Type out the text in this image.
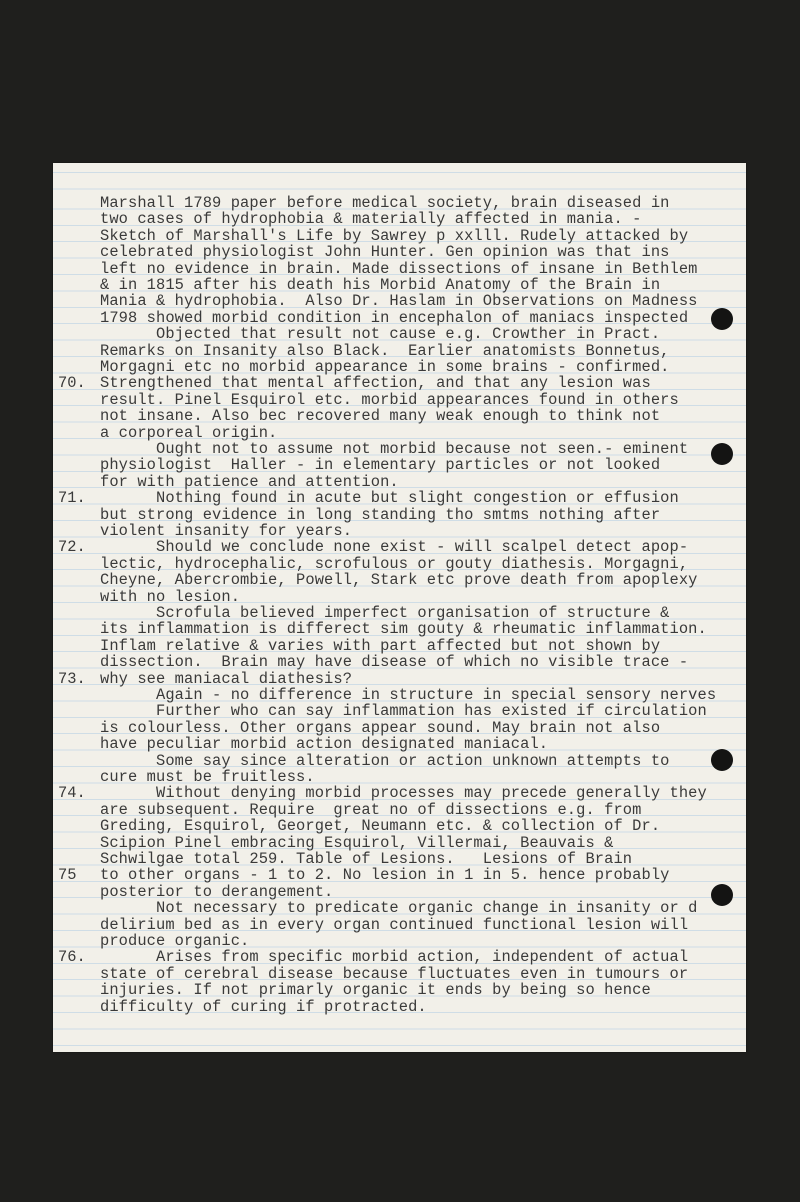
Marshall 1789 paper before medical society, brain diseased in
two cases of hydrophobia & materially affected in mania. -
Sketch of Marshall's Life by Sawrey p xxlll. Rudely attacked by
celebrated physiologist John Hunter. Gen opinion was that ins
left no evidence in brain. Made dissections of insane in Bethlem
& in 1815 after his death his Morbid Anatomy of the Brain in
Mania & hydrophobia.  Also Dr. Haslam in Observations on Madness
1798 showed morbid condition in encephalon of maniacs inspected
Objected that result not cause e.g. Crowther in Pract.
Remarks on Insanity also Black.  Earlier anatomists Bonnetus,
Morgagni etc no morbid appearance in some brains - confirmed.
Strengthened that mental affection, and that any lesion was
result. Pinel Esquirol etc. morbid appearances found in others
not insane. Also bec recovered many weak enough to think not
a corporeal origin.
Ought not to assume not morbid because not seen.- eminent
physiologist  Haller - in elementary particles or not looked
for with patience and attention.
Nothing found in acute but slight congestion or effusion
but strong evidence in long standing tho smtms nothing after
violent insanity for years.
Should we conclude none exist - will scalpel detect apop-
lectic, hydrocephalic, scrofulous or gouty diathesis. Morgagni,
Cheyne, Abercrombie, Powell, Stark etc prove death from apoplexy
with no lesion.
Scrofula believed imperfect organisation of structure &
its inflammation is differect sim gouty & rheumatic inflammation.
Inflam relative & varies with part affected but not shown by
dissection.  Brain may have disease of which no visible trace -
why see maniacal diathesis?
Again - no difference in structure in special sensory nerves
Further who can say inflammation has existed if circulation
is colourless. Other organs appear sound. May brain not also
have peculiar morbid action designated maniacal.
Some say since alteration or action unknown attempts to
cure must be fruitless.
Without denying morbid processes may precede generally they
are subsequent. Require  great no of dissections e.g. from
Greding, Esquirol, Georget, Neumann etc. & collection of Dr.
Scipion Pinel embracing Esquirol, Villermai, Beauvais &
Schwilgae total 259. Table of Lesions.   Lesions of Brain
to other organs - 1 to 2. No lesion in 1 in 5. hence probably
posterior to derangement.
Not necessary to predicate organic change in insanity or d
delirium bed as in every organ continued functional lesion will
produce organic.
Arises from specific morbid action, independent of actual
state of cerebral disease because fluctuates even in tumours or
injuries. If not primarly organic it ends by being so hence
difficulty of curing if protracted.
70.
71.
72.
73.
74.
75
76.
